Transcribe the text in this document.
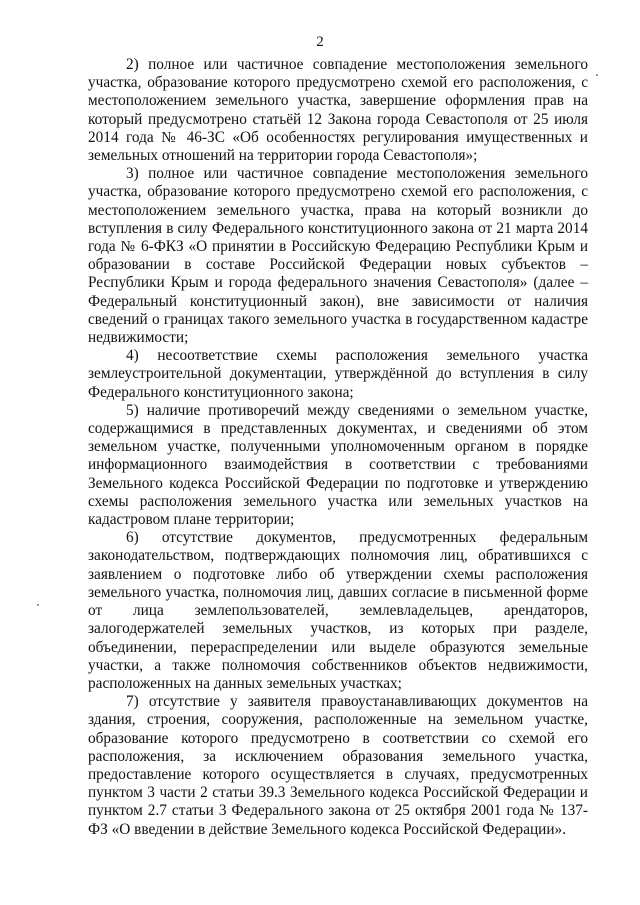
2

2) полное или частичное совпадение местоположения земельного участка, образование которого предусмотрено схемой его расположения, с местоположением земельного участка, завершение оформления прав на который предусмотрено статьёй 12 Закона города Севастополя от 25 июля 2014 года № 46-ЗС «Об особенностях регулирования имущественных и земельных отношений на территории города Севастополя»;

3) полное или частичное совпадение местоположения земельного участка, образование которого предусмотрено схемой его расположения, с местоположением земельного участка, права на который возникли до вступления в силу Федерального конституционного закона от 21 марта 2014 года № 6-ФКЗ «О принятии в Российскую Федерацию Республики Крым и образовании в составе Российской Федерации новых субъектов – Республики Крым и города федерального значения Севастополя» (далее – Федеральный конституционный закон), вне зависимости от наличия сведений о границах такого земельного участка в государственном кадастре недвижимости;

4) несоответствие схемы расположения земельного участка землеустроительной документации, утверждённой до вступления в силу Федерального конституционного закона;

5) наличие противоречий между сведениями о земельном участке, содержащимися в представленных документах, и сведениями об этом земельном участке, полученными уполномоченным органом в порядке информационного взаимодействия в соответствии с требованиями Земельного кодекса Российской Федерации по подготовке и утверждению схемы расположения земельного участка или земельных участков на кадастровом плане территории;

6) отсутствие документов, предусмотренных федеральным законодательством, подтверждающих полномочия лиц, обратившихся с заявлением о подготовке либо об утверждении схемы расположения земельного участка, полномочия лиц, давших согласие в письменной форме от лица землепользователей, землевладельцев, арендаторов, залогодержателей земельных участков, из которых при разделе, объединении, перераспределении или выделе образуются земельные участки, а также полномочия собственников объектов недвижимости, расположенных на данных земельных участках;

7) отсутствие у заявителя правоустанавливающих документов на здания, строения, сооружения, расположенные на земельном участке, образование которого предусмотрено в соответствии со схемой его расположения, за исключением образования земельного участка, предоставление которого осуществляется в случаях, предусмотренных пунктом 3 части 2 статьи 39.3 Земельного кодекса Российской Федерации и пунктом 2.7 статьи 3 Федерального закона от 25 октября 2001 года № 137-ФЗ «О введении в действие Земельного кодекса Российской Федерации».
